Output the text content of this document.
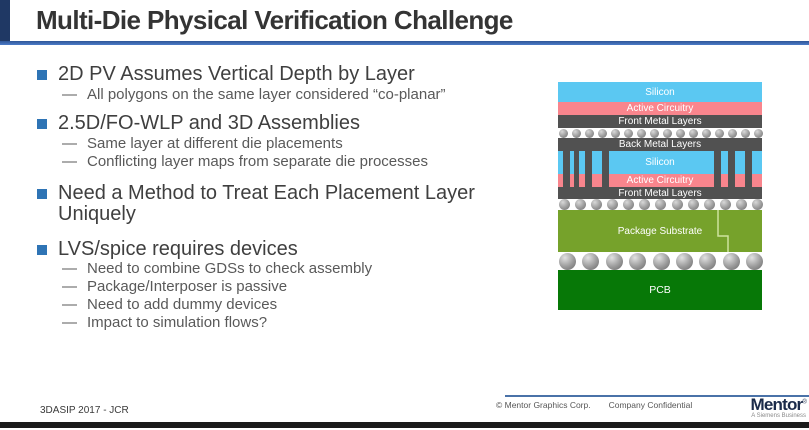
Multi-Die Physical Verification Challenge
2D PV Assumes Vertical Depth by Layer
— All polygons on the same layer considered “co-planar”
2.5D/FO-WLP and 3D Assemblies
— Same layer at different die placements
— Conflicting layer maps from separate die processes
Need a Method to Treat Each Placement Layer Uniquely
LVS/spice requires devices
— Need to combine GDSs to check assembly
— Package/Interposer is passive
— Need to add dummy devices
— Impact to simulation flows?
Silicon
Active Circuitry
Front Metal Layers
Back Metal Layers
Silicon
Active Circuitry
Front Metal Layers
Package Substrate
PCB
3DASIP 2017 - JCR	© Mentor Graphics Corp. Company Confidential	Mentor®
A Siemens Business
